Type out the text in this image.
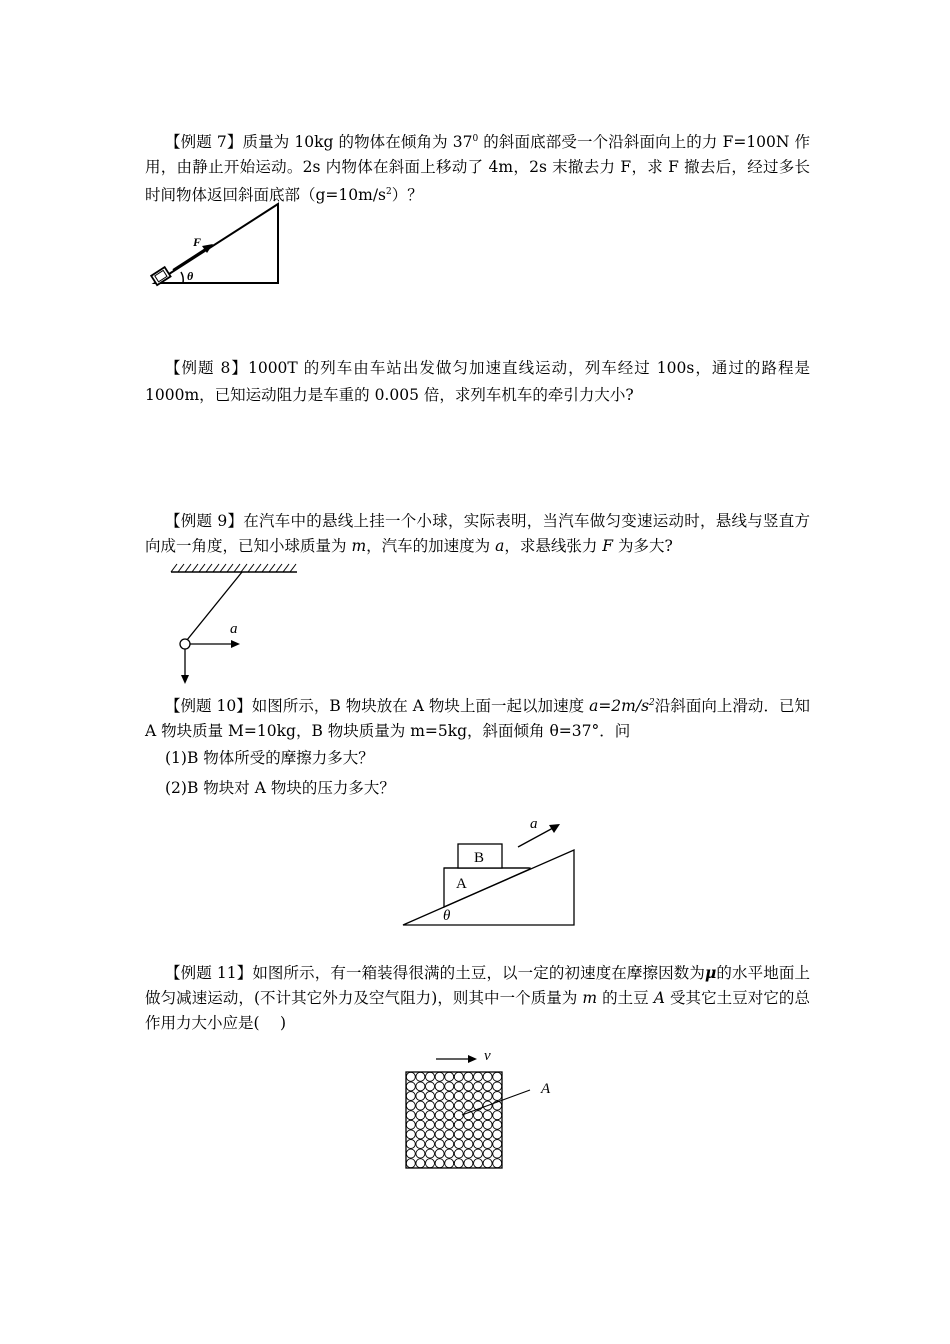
【例题 7】质量为 10kg 的物体在倾角为 $37^0$ 的斜面底部受一个沿斜面向上的力 F=100N 作用，由静止开始运动。2s 内物体在斜面上移动了 4m，2s 末撤去力 F，求 F 撤去后，经过多长时间物体返回斜面底部$(g=10m/s^2)$？
F
θ
【例题 8】1000T 的列车由车站出发做匀加速直线运动，列车经过 100s，通过的路程是 1000m，已知运动阻力是车重的 0.005 倍，求列车机车的牵引力大小?
【例题 9】在汽车中的悬线上挂一个小球，实际表明，当汽车做匀变速运动时，悬线与竖直方向成一角度，已知小球质量为 m，汽车的加速度为 a，求悬线张力 F 为多大?
a
【例题 10】如图所示，B 物块放在 A 物块上面一起以加速度 $a=2m/s^2$沿斜面向上滑动．已知 A 物块质量 M=10kg，B 物块质量为 m=5kg，斜面倾角 θ=37°．问
(1)B 物体所受的摩擦力多大？
(2)B 物块对 A 物块的压力多大？
B
A
θ
a
【例题 11】如图所示，有一箱装得很满的土豆，以一定的初速度在摩擦因数为μ的水平地面上做匀减速运动，(不计其它外力及空气阻力)，则其中一个质量为 m 的土豆 A 受其它土豆对它的总作用力大小应是(　 )
v
A
